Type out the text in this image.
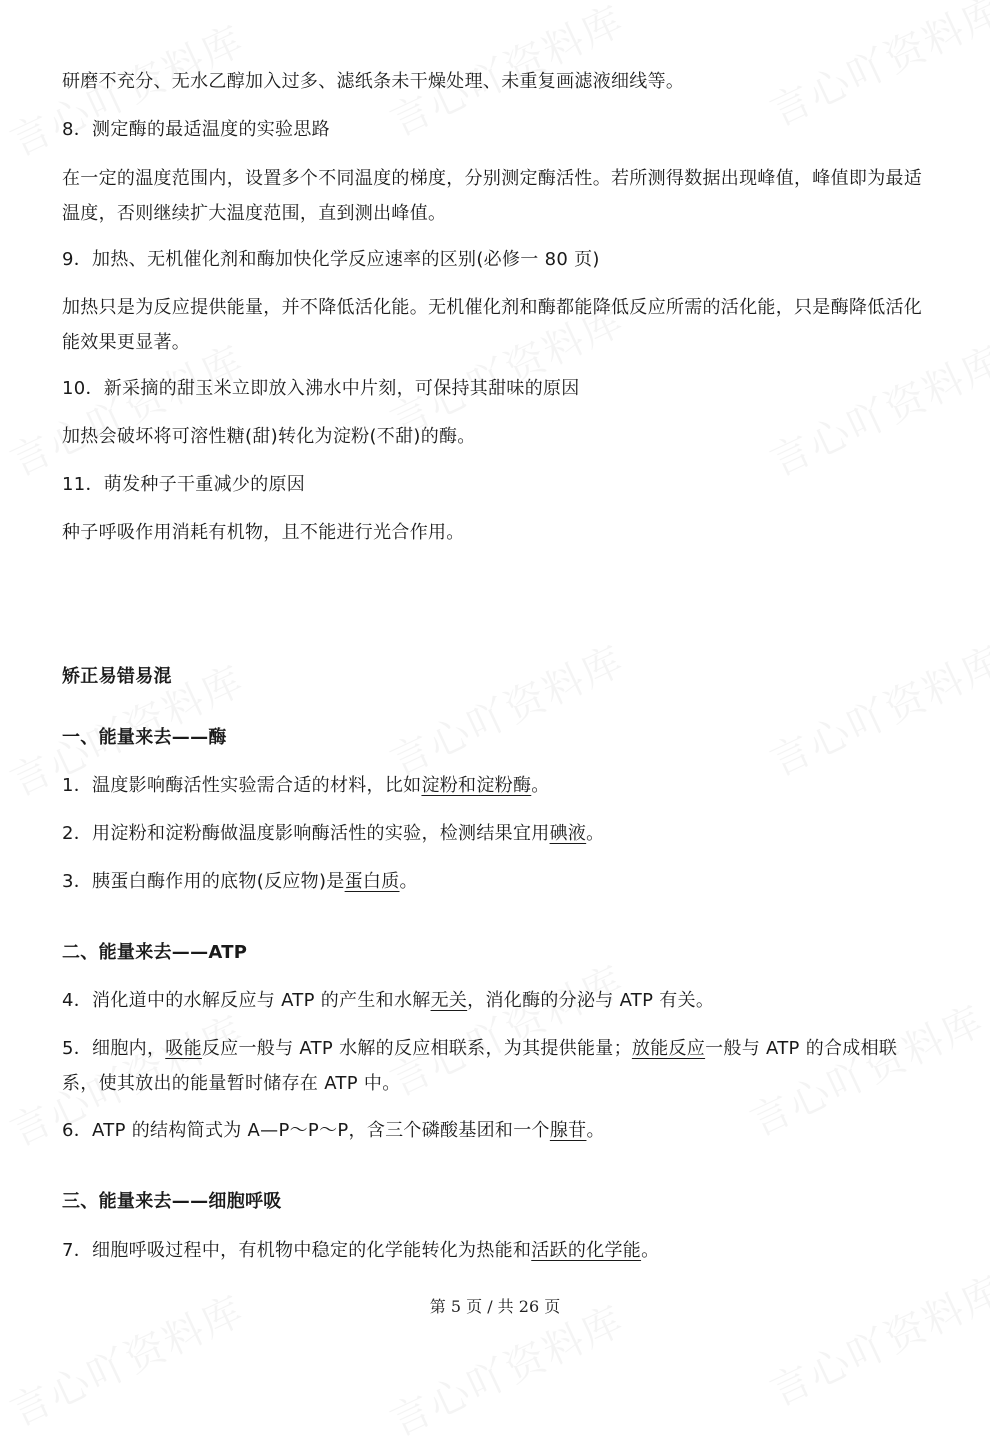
研磨不充分、无水乙醇加入过多、滤纸条未干燥处理、未重复画滤液细线等。
8．测定酶的最适温度的实验思路
在一定的温度范围内，设置多个不同温度的梯度，分别测定酶活性。若所测得数据出现峰值，峰值即为最适温度，否则继续扩大温度范围，直到测出峰值。
9．加热、无机催化剂和酶加快化学反应速率的区别(必修一 80 页)
加热只是为反应提供能量，并不降低活化能。无机催化剂和酶都能降低反应所需的活化能，只是酶降低活化能效果更显著。
10．新采摘的甜玉米立即放入沸水中片刻，可保持其甜味的原因
加热会破坏将可溶性糖(甜)转化为淀粉(不甜)的酶。
11．萌发种子干重减少的原因
种子呼吸作用消耗有机物，且不能进行光合作用。
矫正易错易混
一、能量来去——酶
1．温度影响酶活性实验需合适的材料，比如淀粉和淀粉酶。
2．用淀粉和淀粉酶做温度影响酶活性的实验，检测结果宜用碘液。
3．胰蛋白酶作用的底物(反应物)是蛋白质。
二、能量来去——ATP
4．消化道中的水解反应与 ATP 的产生和水解无关，消化酶的分泌与 ATP 有关。
5．细胞内，吸能反应一般与 ATP 水解的反应相联系，为其提供能量；放能反应一般与 ATP 的合成相联系，使其放出的能量暂时储存在 ATP 中。
6．ATP 的结构简式为 A—P～P～P，含三个磷酸基团和一个腺苷。
三、能量来去——细胞呼吸
7．细胞呼吸过程中，有机物中稳定的化学能转化为热能和活跃的化学能。
第 5 页 / 共 26 页
